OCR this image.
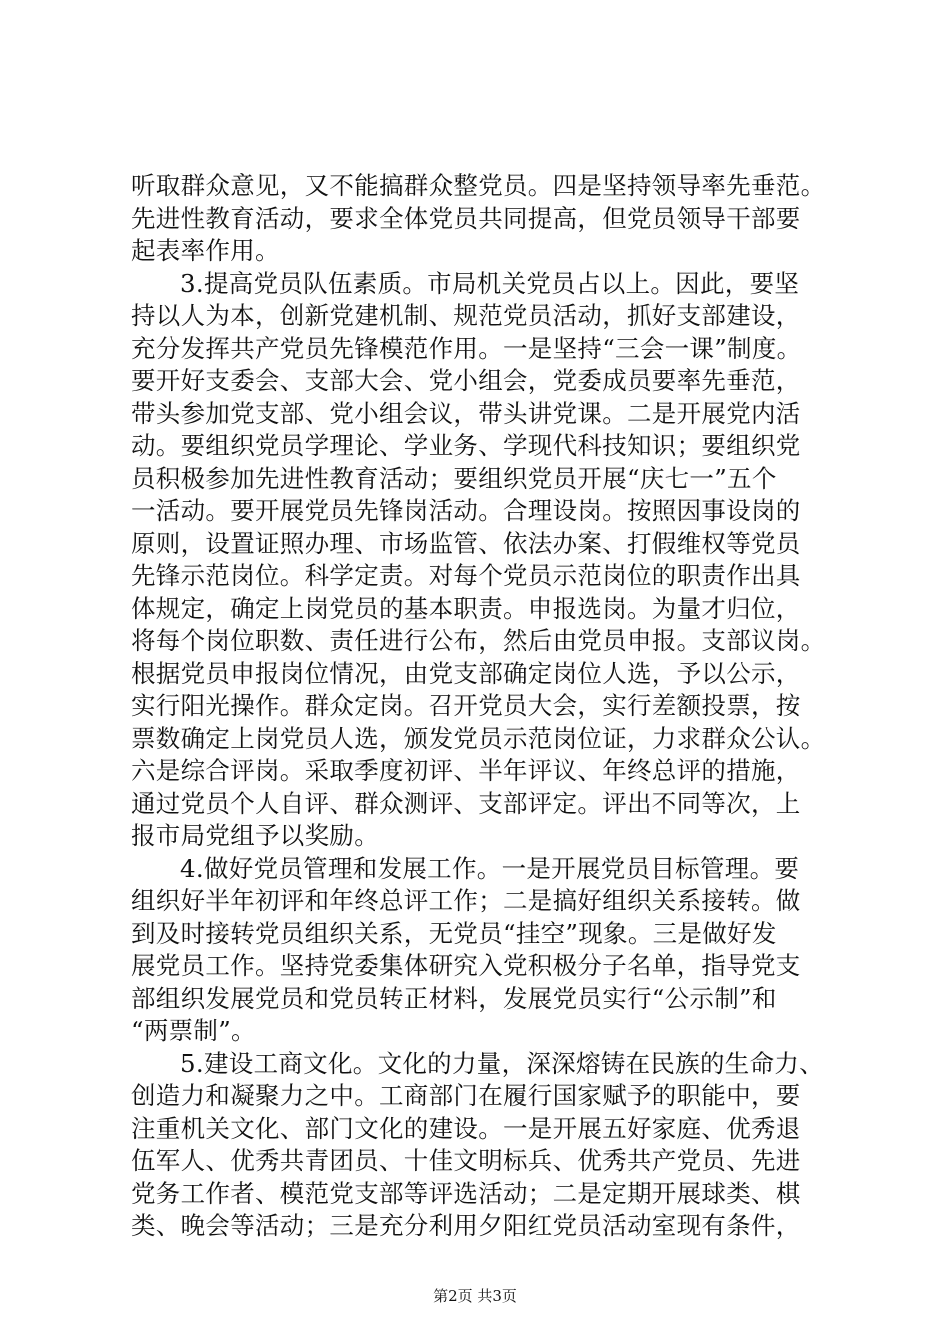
听取群众意见，又不能搞群众整党员。四是坚持领导率先垂范。
先进性教育活动，要求全体党员共同提高，但党员领导干部要
起表率作用。
3.提高党员队伍素质。市局机关党员占以上。因此，要坚
持以人为本，创新党建机制、规范党员活动，抓好支部建设，
充分发挥共产党员先锋模范作用。一是坚持“三会一课”制度。
要开好支委会、支部大会、党小组会，党委成员要率先垂范，
带头参加党支部、党小组会议，带头讲党课。二是开展党内活
动。要组织党员学理论、学业务、学现代科技知识；要组织党
员积极参加先进性教育活动；要组织党员开展“庆七一”五个
一活动。要开展党员先锋岗活动。合理设岗。按照因事设岗的
原则，设置证照办理、市场监管、依法办案、打假维权等党员
先锋示范岗位。科学定责。对每个党员示范岗位的职责作出具
体规定，确定上岗党员的基本职责。申报选岗。为量才归位，
将每个岗位职数、责任进行公布，然后由党员申报。支部议岗。
根据党员申报岗位情况，由党支部确定岗位人选，予以公示，
实行阳光操作。群众定岗。召开党员大会，实行差额投票，按
票数确定上岗党员人选，颁发党员示范岗位证，力求群众公认。
六是综合评岗。采取季度初评、半年评议、年终总评的措施，
通过党员个人自评、群众测评、支部评定。评出不同等次，上
报市局党组予以奖励。
4.做好党员管理和发展工作。一是开展党员目标管理。要
组织好半年初评和年终总评工作；二是搞好组织关系接转。做
到及时接转党员组织关系，无党员“挂空”现象。三是做好发
展党员工作。坚持党委集体研究入党积极分子名单，指导党支
部组织发展党员和党员转正材料，发展党员实行“公示制”和
“两票制”。
5.建设工商文化。文化的力量，深深熔铸在民族的生命力、
创造力和凝聚力之中。工商部门在履行国家赋予的职能中，要
注重机关文化、部门文化的建设。一是开展五好家庭、优秀退
伍军人、优秀共青团员、十佳文明标兵、优秀共产党员、先进
党务工作者、模范党支部等评选活动；二是定期开展球类、棋
类、晚会等活动；三是充分利用夕阳红党员活动室现有条件，
第2页 共3页
